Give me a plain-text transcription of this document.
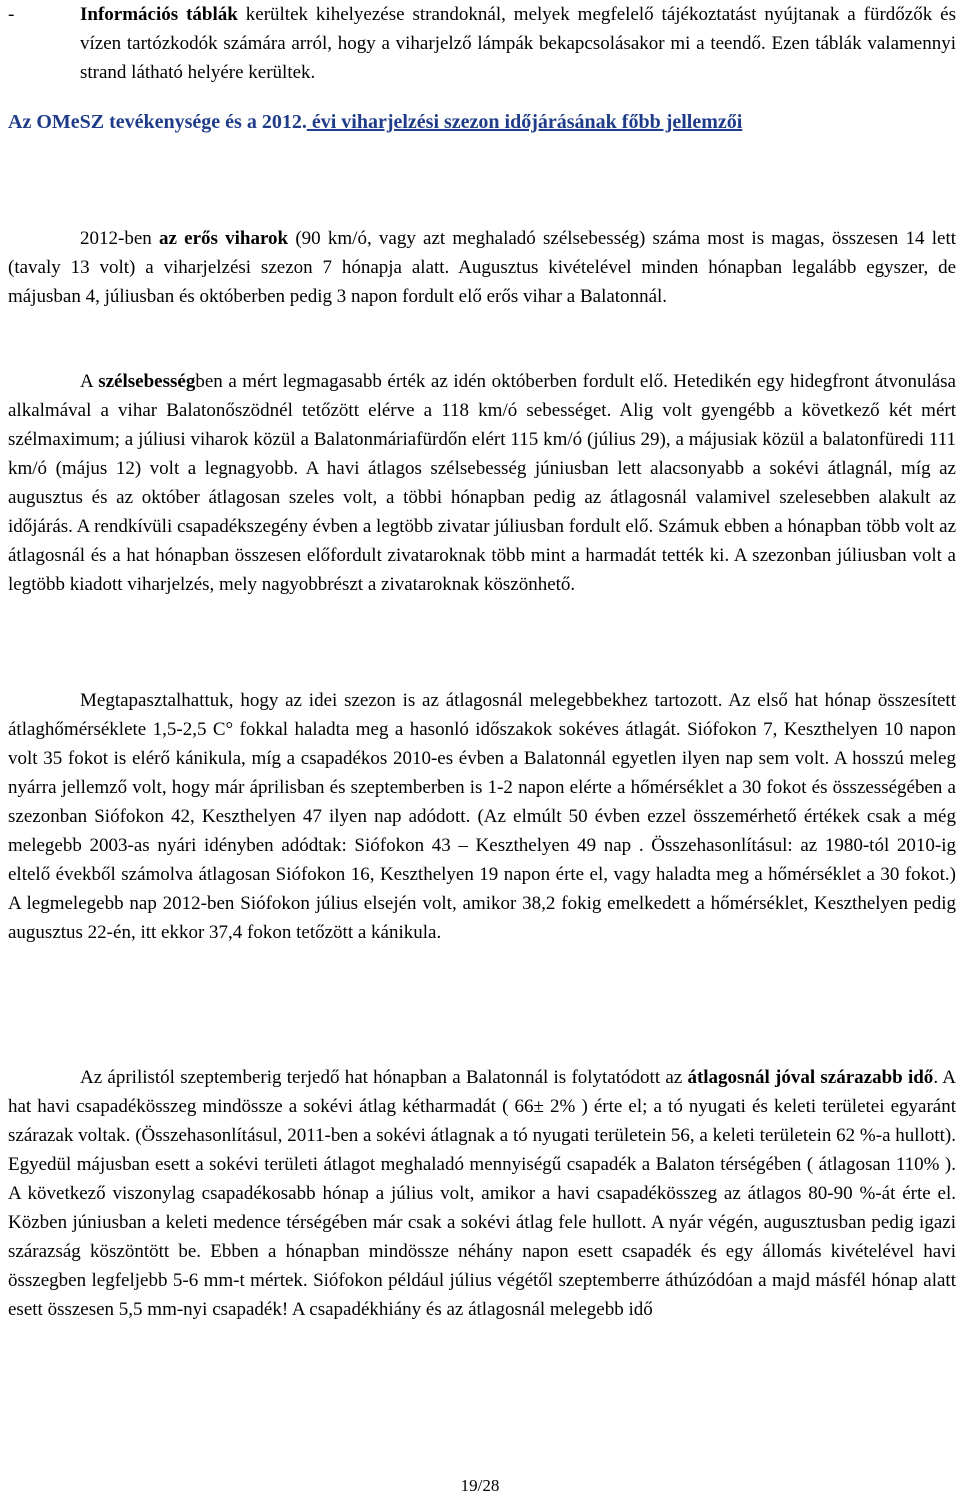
-	Információs táblák kerültek kihelyezése strandoknál, melyek megfelelő tájékoztatást nyújtanak a fürdőzők és vízen tartózkodók számára arról, hogy a viharjelző lámpák bekapcsolásakor mi a teendő. Ezen táblák valamennyi strand látható helyére kerültek.
Az OMeSZ tevékenysége és a 2012. évi viharjelzési szezon időjárásának főbb jellemzői
2012-ben az erős viharok (90 km/ó, vagy azt meghaladó szélsebesség) száma most is magas, összesen 14 lett (tavaly 13 volt) a viharjelzési szezon 7 hónapja alatt. Augusztus kivételével minden hónapban legalább egyszer, de májusban 4, júliusban és októberben pedig 3 napon fordult elő erős vihar a Balatonnál.
A szélsebességben a mért legmagasabb érték az idén októberben fordult elő. Hetedikén egy hidegfront átvonulása alkalmával a vihar Balatonőszödnél tetőzött elérve a 118 km/ó sebességet. Alig volt gyengébb a következő két mért szélmaximum; a júliusi viharok közül a Balatonmáriafürdőn elért 115 km/ó (július 29), a májusiak közül a balatonfüredi 111 km/ó (május 12) volt a legnagyobb. A havi átlagos szélsebesség júniusban lett alacsonyabb a sokévi átlagnál, míg az augusztus és az október átlagosan szeles volt, a többi hónapban pedig az átlagosnál valamivel szelesebben alakult az időjárás. A rendkívüli csapadékszegény évben a legtöbb zivatar júliusban fordult elő. Számuk ebben a hónapban több volt az átlagosnál és a hat hónapban összesen előfordult zivataroknak több mint a harmadát tették ki. A szezonban júliusban volt a legtöbb kiadott viharjelzés, mely nagyobbrészt a zivataroknak köszönhető.
Megtapasztalhattuk, hogy az idei szezon is az átlagosnál melegebbekhez tartozott. Az első hat hónap összesített átlaghőmérséklete 1,5-2,5 C° fokkal haladta meg a hasonló időszakok sokéves átlagát. Siófokon 7, Keszthelyen 10 napon volt 35 fokot is elérő kánikula, míg a csapadékos 2010-es évben a Balatonnál egyetlen ilyen nap sem volt. A hosszú meleg nyárra jellemző volt, hogy már áprilisban és szeptemberben is 1-2 napon elérte a hőmérséklet a 30 fokot és összességében a szezonban Siófokon 42, Keszthelyen 47 ilyen nap adódott. (Az elmúlt 50 évben ezzel összemérhető értékek csak a még melegebb 2003-as nyári idényben adódtak: Siófokon 43 – Keszthelyen 49 nap . Összehasonlításul: az 1980-tól 2010-ig eltelő évekből számolva átlagosan Siófokon 16, Keszthelyen 19 napon érte el, vagy haladta meg a hőmérséklet a 30 fokot.) A legmelegebb nap 2012-ben Siófokon július elsején volt, amikor 38,2 fokig emelkedett a hőmérséklet, Keszthelyen pedig augusztus 22-én, itt ekkor 37,4 fokon tetőzött a kánikula.
Az áprilistól szeptemberig terjedő hat hónapban a Balatonnál is folytatódott az átlagosnál jóval szárazabb idő. A hat havi csapadékösszeg mindössze a sokévi átlag kétharmadát ( 66± 2% ) érte el; a tó nyugati és keleti területei egyaránt szárazak voltak. (Összehasonlításul, 2011-ben a sokévi átlagnak a tó nyugati területein 56, a keleti területein 62 %-a hullott). Egyedül májusban esett a sokévi területi átlagot meghaladó mennyiségű csapadék a Balaton térségében ( átlagosan 110% ). A következő viszonylag csapadékosabb hónap a július volt, amikor a havi csapadékösszeg az átlagos 80-90 %-át érte el. Közben júniusban a keleti medence térségében már csak a sokévi átlag fele hullott. A nyár végén, augusztusban pedig igazi szárazság köszöntött be. Ebben a hónapban mindössze néhány napon esett csapadék és egy állomás kivételével havi összegben legfeljebb 5-6 mm-t mértek. Siófokon például július végétől szeptemberre áthúzódóan a majd másfél hónap alatt esett összesen 5,5 mm-nyi csapadék! A csapadékhiány és az átlagosnál melegebb idő
19/28
